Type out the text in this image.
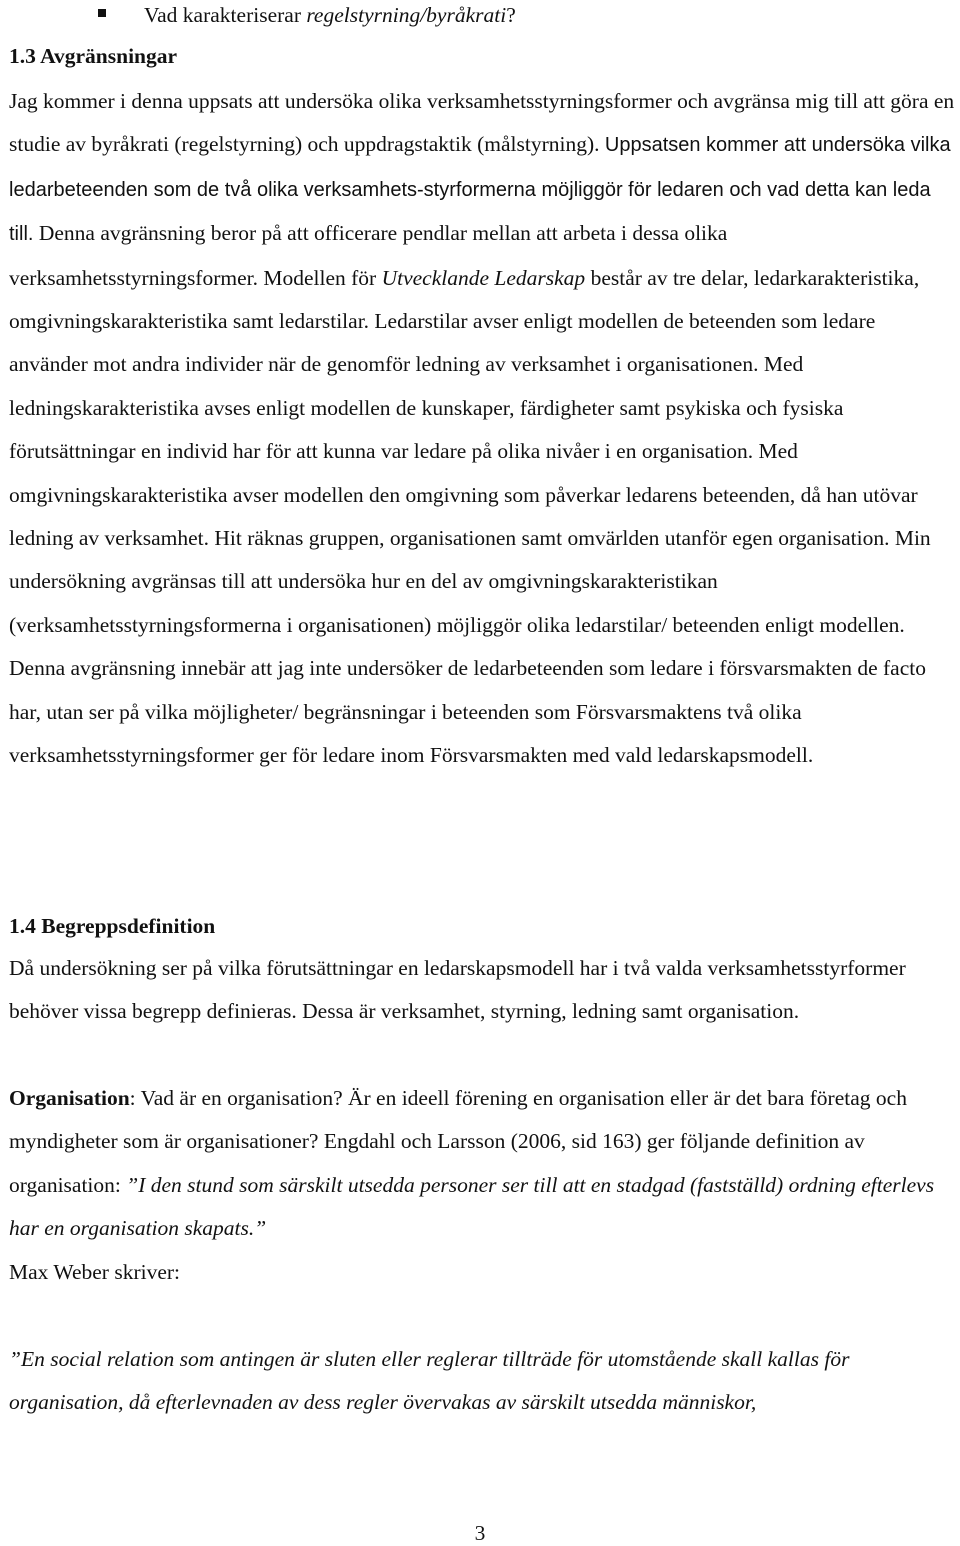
Vad karakteriserar regelstyrning/byråkrati?
1.3 Avgränsningar

Jag kommer i denna uppsats att undersöka olika verksamhetsstyrningsformer och avgränsa mig till att göra en studie av byråkrati (regelstyrning) och uppdragstaktik (målstyrning). Uppsatsen kommer att undersöka vilka ledarbeteenden som de två olika verksamhets-styrformerna möjliggör för ledaren och vad detta kan leda till. Denna avgränsning beror på att officerare pendlar mellan att arbeta i dessa olika verksamhetsstyrningsformer. Modellen för Utvecklande Ledarskap består av tre delar, ledarkarakteristika, omgivningskarakteristika samt ledarstilar. Ledarstilar avser enligt modellen de beteenden som ledare använder mot andra individer när de genomför ledning av verksamhet i organisationen. Med ledningskarakteristika avses enligt modellen de kunskaper, färdigheter samt psykiska och fysiska förutsättningar en individ har för att kunna var ledare på olika nivåer i en organisation. Med omgivningskarakteristika avser modellen den omgivning som påverkar ledarens beteenden, då han utövar ledning av verksamhet. Hit räknas gruppen, organisationen samt omvärlden utanför egen organisation. Min undersökning avgränsas till att undersöka hur en del av omgivningskarakteristikan (verksamhetsstyrningsformerna i organisationen) möjliggör olika ledarstilar/ beteenden enligt modellen. Denna avgränsning innebär att jag inte undersöker de ledarbeteenden som ledare i försvarsmakten de facto har, utan ser på vilka möjligheter/ begränsningar i beteenden som Försvarsmaktens två olika verksamhetsstyrningsformer ger för ledare inom Försvarsmakten med vald ledarskapsmodell.

1.4 Begreppsdefinition

Då undersökning ser på vilka förutsättningar en ledarskapsmodell har i två valda verksamhetsstyrformer behöver vissa begrepp definieras. Dessa är verksamhet, styrning, ledning samt organisation.

Organisation: Vad är en organisation? Är en ideell förening en organisation eller är det bara företag och myndigheter som är organisationer? Engdahl och Larsson (2006, sid 163) ger följande definition av organisation: ”I den stund som särskilt utsedda personer ser till att en stadgad (fastställd) ordning efterlevs har en organisation skapats.”

Max Weber skriver:

”En social relation som antingen är sluten eller reglerar tillträde för utomstående skall kallas för organisation, då efterlevnaden av dess regler övervakas av särskilt utsedda människor,

3
